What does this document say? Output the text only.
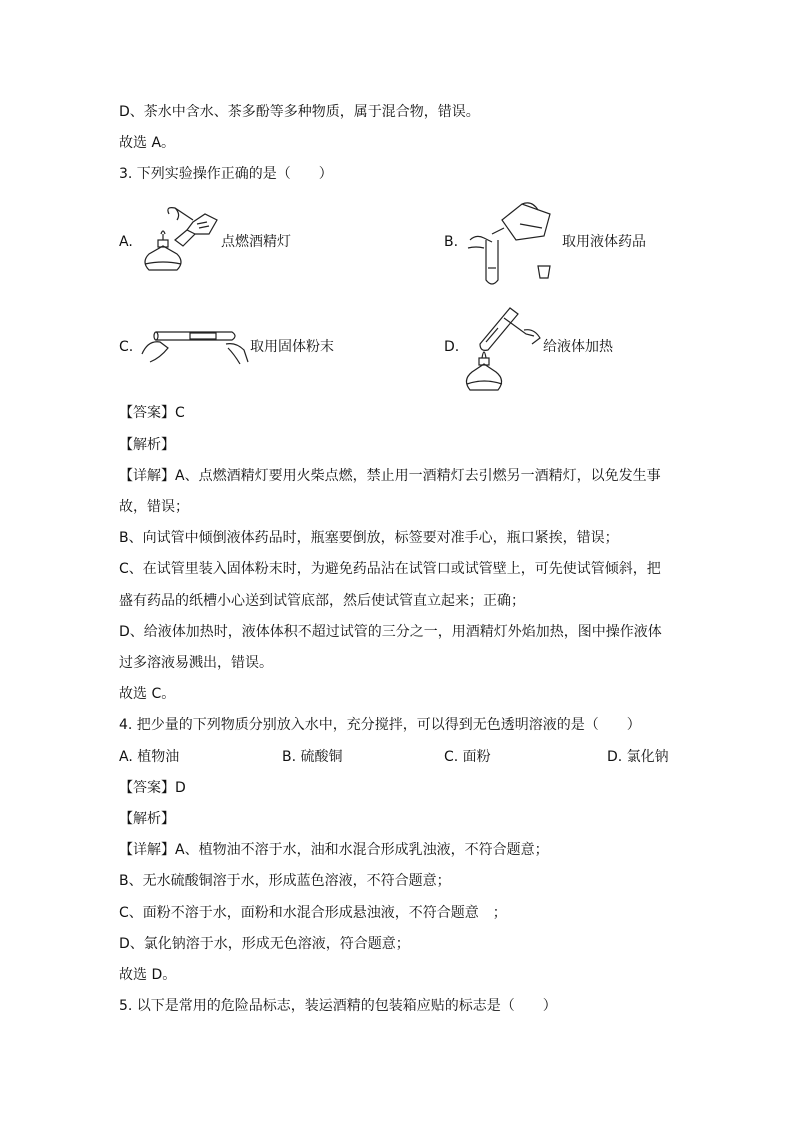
D、茶水中含水、茶多酚等多种物质，属于混合物，错误。
故选 A。
3. 下列实验操作正确的是（　　）
A.	点燃酒精灯	B.	取用液体药品
C.	取用固体粉末	D.	给液体加热
【答案】C
【解析】
【详解】A、点燃酒精灯要用火柴点燃，禁止用一酒精灯去引燃另一酒精灯，以免发生事
故，错误；
B、向试管中倾倒液体药品时，瓶塞要倒放，标签要对准手心，瓶口紧挨，错误；
C、在试管里装入固体粉末时，为避免药品沾在试管口或试管壁上，可先使试管倾斜，把
盛有药品的纸槽小心送到试管底部，然后使试管直立起来；正确；
D、给液体加热时，液体体积不超过试管的三分之一，用酒精灯外焰加热，图中操作液体
过多溶液易溅出，错误。
故选 C。
4. 把少量的下列物质分别放入水中，充分搅拌，可以得到无色透明溶液的是（　　）
A. 植物油	B. 硫酸铜	C. 面粉	D. 氯化钠
【答案】D
【解析】
【详解】A、植物油不溶于水，油和水混合形成乳浊液，不符合题意；
B、无水硫酸铜溶于水，形成蓝色溶液，不符合题意；
C、面粉不溶于水，面粉和水混合形成悬浊液，不符合题意　；
D、氯化钠溶于水，形成无色溶液，符合题意；
故选 D。
5. 以下是常用的危险品标志，装运酒精的包装箱应贴的标志是（　　）
